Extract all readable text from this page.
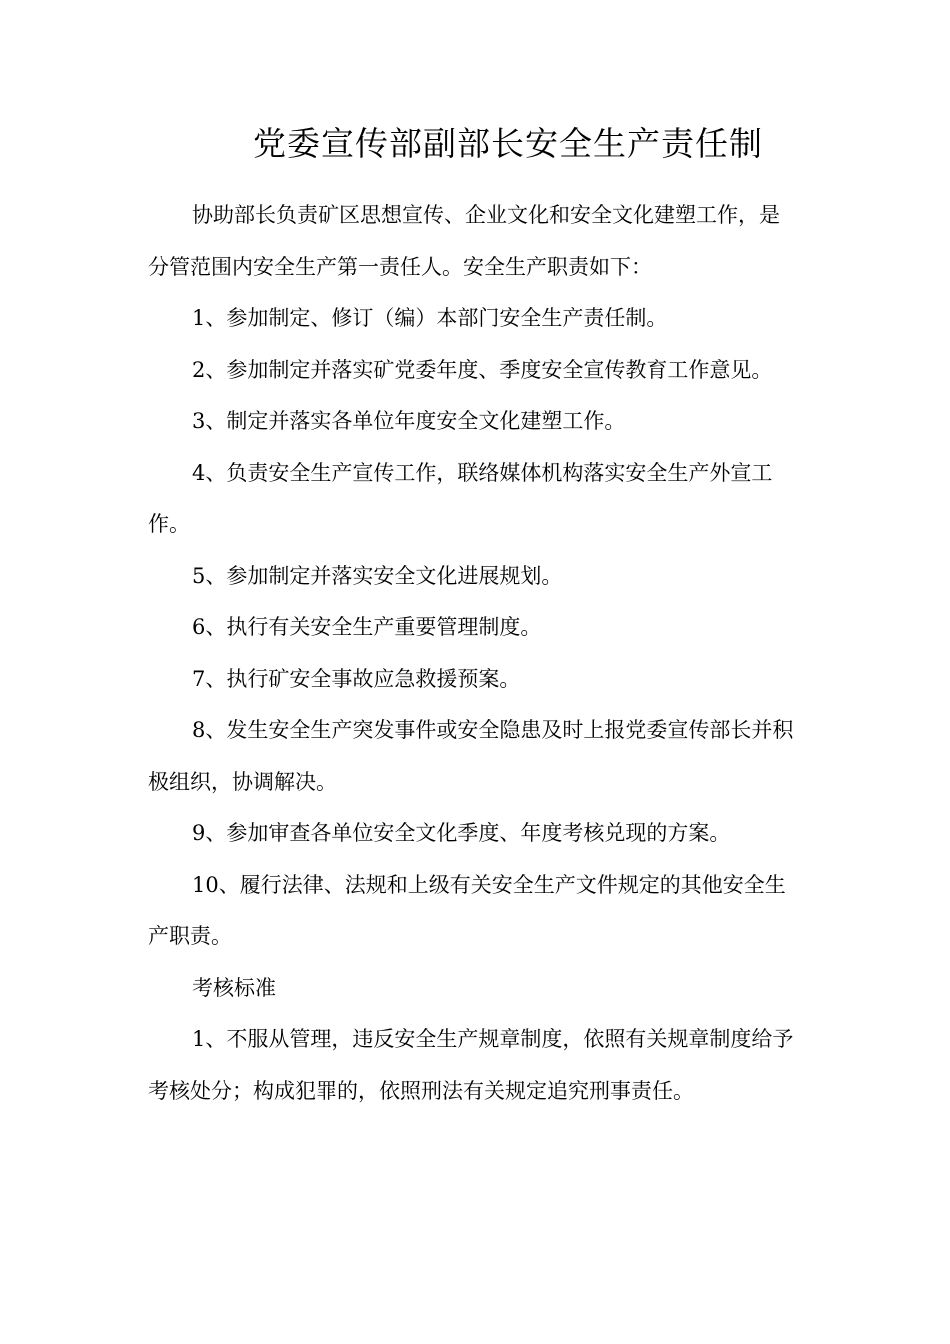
党委宣传部副部长安全生产责任制

协助部长负责矿区思想宣传、企业文化和安全文化建塑工作，是分管范围内安全生产第一责任人。安全生产职责如下：

1、参加制定、修订（编）本部门安全生产责任制。

2、参加制定并落实矿党委年度、季度安全宣传教育工作意见。

3、制定并落实各单位年度安全文化建塑工作。

4、负责安全生产宣传工作，联络媒体机构落实安全生产外宣工作。

5、参加制定并落实安全文化进展规划。

6、执行有关安全生产重要管理制度。

7、执行矿安全事故应急救援预案。

8、发生安全生产突发事件或安全隐患及时上报党委宣传部长并积极组织，协调解决。

9、参加审查各单位安全文化季度、年度考核兑现的方案。

10、履行法律、法规和上级有关安全生产文件规定的其他安全生产职责。

考核标准

1、不服从管理，违反安全生产规章制度，依照有关规章制度给予考核处分；构成犯罪的，依照刑法有关规定追究刑事责任。
